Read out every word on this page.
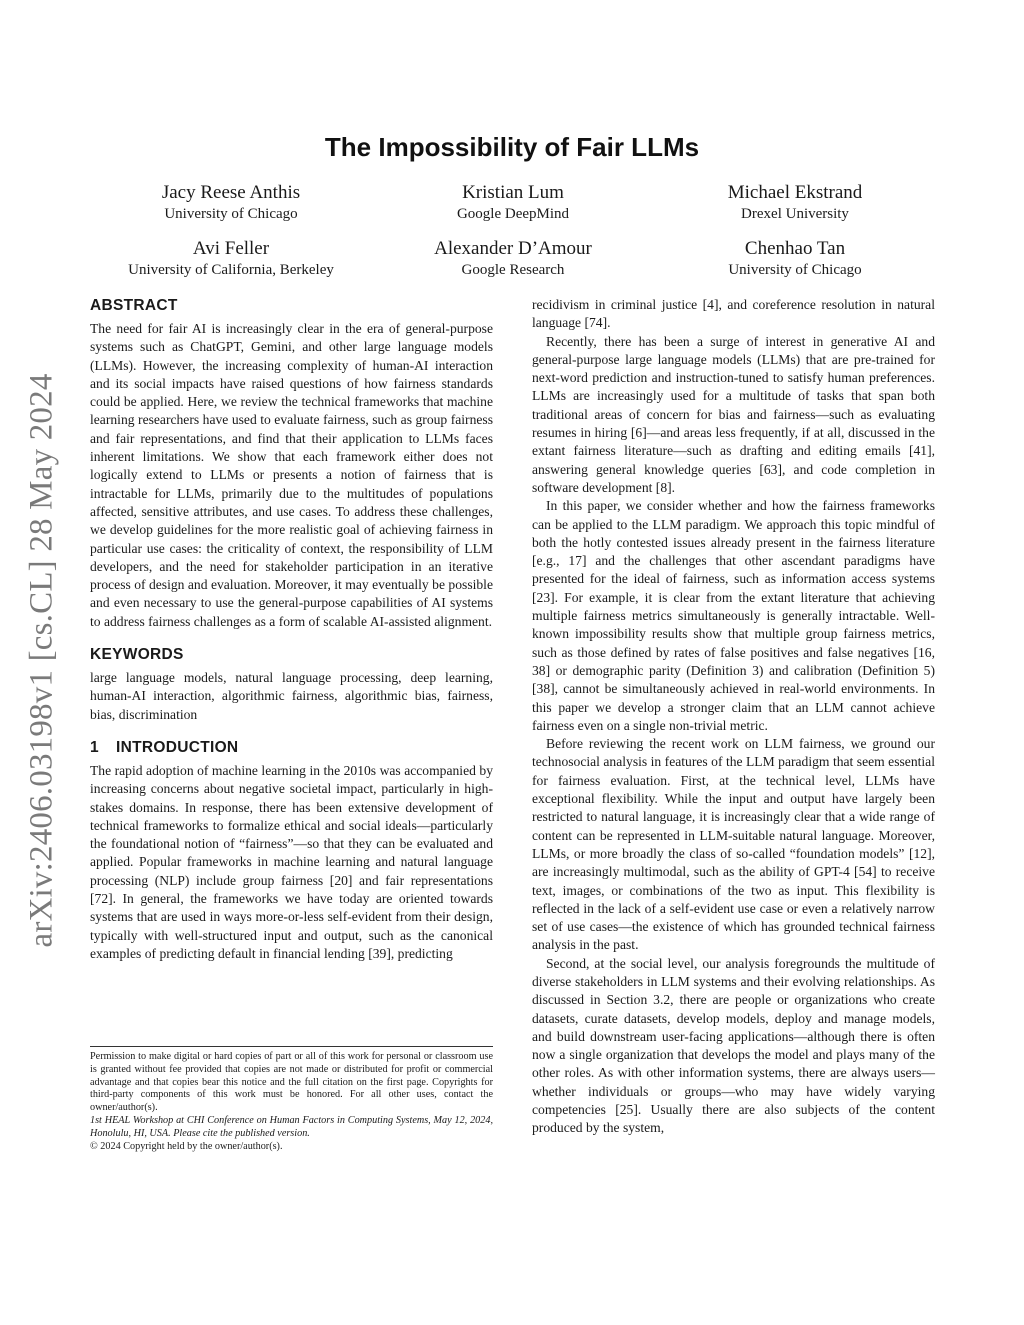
arXiv:2406.03198v1 [cs.CL] 28 May 2024
The Impossibility of Fair LLMs
Jacy Reese Anthis
University of Chicago
Kristian Lum
Google DeepMind
Michael Ekstrand
Drexel University
Avi Feller
University of California, Berkeley
Alexander D’Amour
Google Research
Chenhao Tan
University of Chicago
ABSTRACT

The need for fair AI is increasingly clear in the era of general-purpose systems such as ChatGPT, Gemini, and other large language models (LLMs). However, the increasing complexity of human-AI interaction and its social impacts have raised questions of how fairness standards could be applied. Here, we review the technical frameworks that machine learning researchers have used to evaluate fairness, such as group fairness and fair representations, and find that their application to LLMs faces inherent limitations. We show that each framework either does not logically extend to LLMs or presents a notion of fairness that is intractable for LLMs, primarily due to the multitudes of populations affected, sensitive attributes, and use cases. To address these challenges, we develop guidelines for the more realistic goal of achieving fairness in particular use cases: the criticality of context, the responsibility of LLM developers, and the need for stakeholder participation in an iterative process of design and evaluation. Moreover, it may eventually be possible and even necessary to use the general-purpose capabilities of AI systems to address fairness challenges as a form of scalable AI-assisted alignment.

KEYWORDS

large language models, natural language processing, deep learning, human-AI interaction, algorithmic fairness, algorithmic bias, fairness, bias, discrimination

1 INTRODUCTION

The rapid adoption of machine learning in the 2010s was accompanied by increasing concerns about negative societal impact, particularly in high-stakes domains. In response, there has been extensive development of technical frameworks to formalize ethical and social ideals—particularly the foundational notion of “fairness”—so that they can be evaluated and applied. Popular frameworks in machine learning and natural language processing (NLP) include group fairness [20] and fair representations [72]. In general, the frameworks we have today are oriented towards systems that are used in ways more-or-less self-evident from their design, typically with well-structured input and output, such as the canonical examples of predicting default in financial lending [39], predicting

recidivism in criminal justice [4], and coreference resolution in natural language [74].

Recently, there has been a surge of interest in generative AI and general-purpose large language models (LLMs) that are pre-trained for next-word prediction and instruction-tuned to satisfy human preferences. LLMs are increasingly used for a multitude of tasks that span both traditional areas of concern for bias and fairness—such as evaluating resumes in hiring [6]—and areas less frequently, if at all, discussed in the extant fairness literature—such as drafting and editing emails [41], answering general knowledge queries [63], and code completion in software development [8].

In this paper, we consider whether and how the fairness frameworks can be applied to the LLM paradigm. We approach this topic mindful of both the hotly contested issues already present in the fairness literature [e.g., 17] and the challenges that other ascendant paradigms have presented for the ideal of fairness, such as information access systems [23]. For example, it is clear from the extant literature that achieving multiple fairness metrics simultaneously is generally intractable. Well-known impossibility results show that multiple group fairness metrics, such as those defined by rates of false positives and false negatives [16, 38] or demographic parity (Definition 3) and calibration (Definition 5) [38], cannot be simultaneously achieved in real-world environments. In this paper we develop a stronger claim that an LLM cannot achieve fairness even on a single non-trivial metric.

Before reviewing the recent work on LLM fairness, we ground our technosocial analysis in features of the LLM paradigm that seem essential for fairness evaluation. First, at the technical level, LLMs have exceptional flexibility. While the input and output have largely been restricted to natural language, it is increasingly clear that a wide range of content can be represented in LLM-suitable natural language. Moreover, LLMs, or more broadly the class of so-called “foundation models” [12], are increasingly multimodal, such as the ability of GPT-4 [54] to receive text, images, or combinations of the two as input. This flexibility is reflected in the lack of a self-evident use case or even a relatively narrow set of use cases—the existence of which has grounded technical fairness analysis in the past.

Second, at the social level, our analysis foregrounds the multitude of diverse stakeholders in LLM systems and their evolving relationships. As discussed in Section 3.2, there are people or organizations who create datasets, curate datasets, develop models, deploy and manage models, and build downstream user-facing applications—although there is often now a single organization that develops the model and plays many of the other roles. As with other information systems, there are always users—whether individuals or groups—who may have widely varying competencies [25]. Usually there are also subjects of the content produced by the system,

Permission to make digital or hard copies of part or all of this work for personal or classroom use is granted without fee provided that copies are not made or distributed for profit or commercial advantage and that copies bear this notice and the full citation on the first page. Copyrights for third-party components of this work must be honored. For all other uses, contact the owner/author(s).

1st HEAL Workshop at CHI Conference on Human Factors in Computing Systems, May 12, 2024, Honolulu, HI, USA. Please cite the published version.

© 2024 Copyright held by the owner/author(s).
